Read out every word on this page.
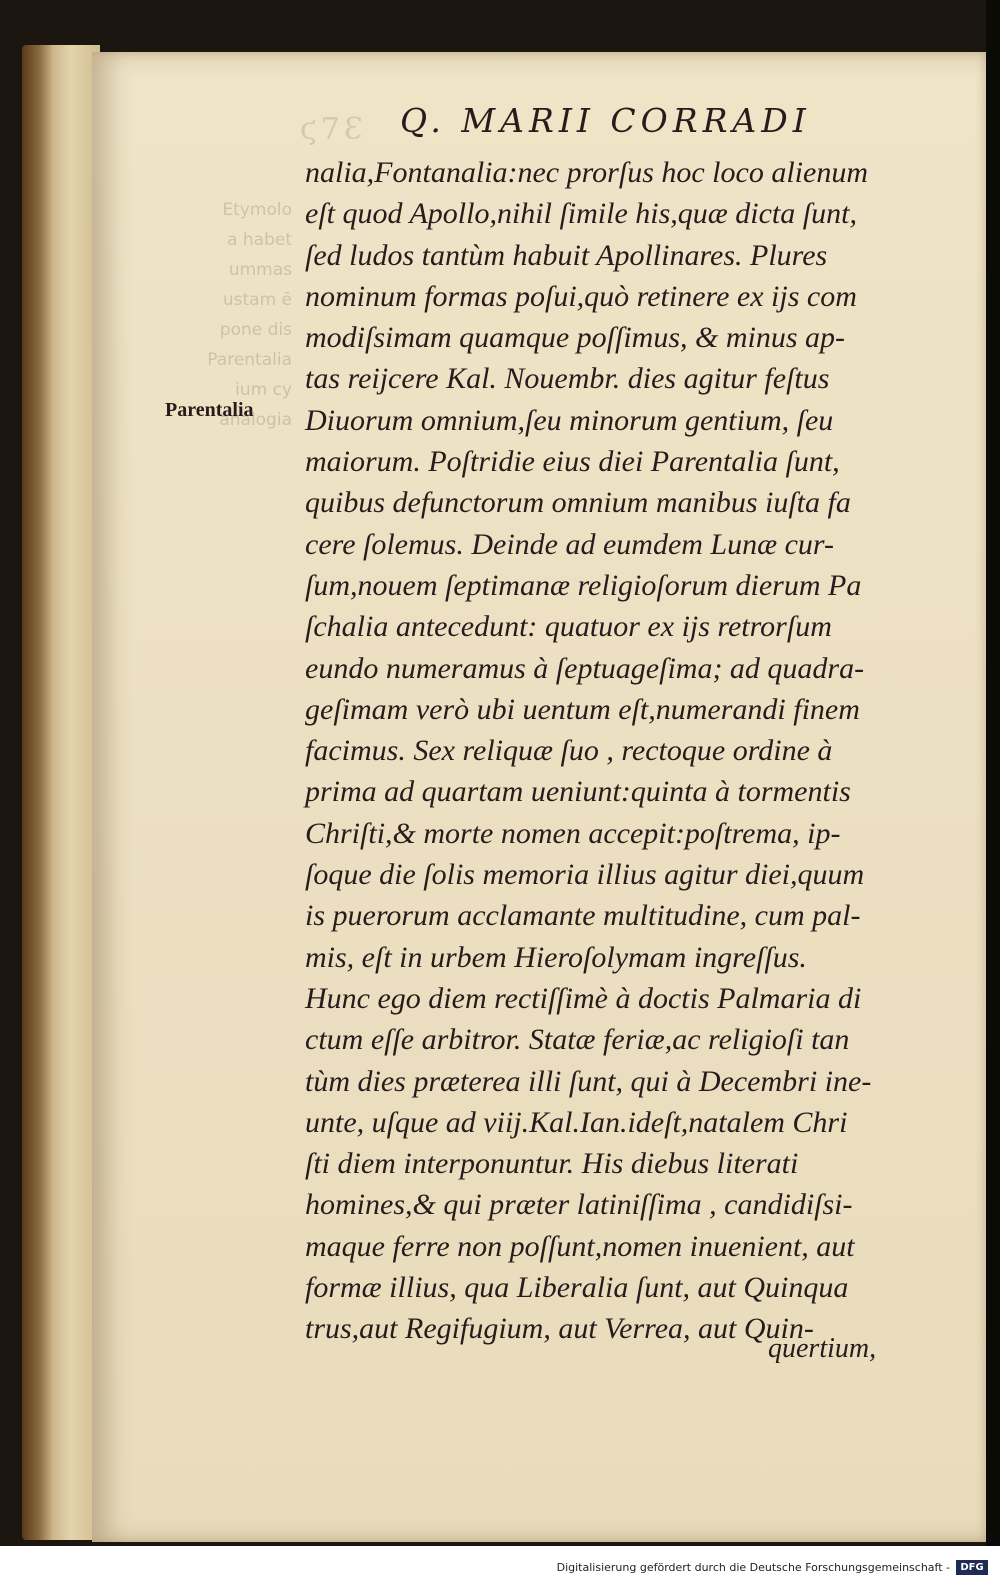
ϛ7Ɛ
Etymolo
a habet
ummas
ustam ē
pone dis
Parentalia
ium cy
analogia
Q. MARII CORRADI
Parentalia
nalia,Fontanalia:nec prorſus hoc loco alienum
eſt quod Apollo,nihil ſimile his,quæ dicta ſunt,
ſed ludos tantùm habuit Apollinares. Plures
nominum formas poſui,quò retinere ex ijs com
modiſsimam quamque poſſimus, & minus ap-
tas reijcere Kal. Nouembr. dies agitur feſtus
Diuorum omnium,ſeu minorum gentium, ſeu
maiorum. Poſtridie eius diei Parentalia ſunt,
quibus defunctorum omnium manibus iuſta fa
cere ſolemus. Deinde ad eumdem Lunæ cur-
ſum,nouem ſeptimanæ religioſorum dierum Pa
ſchalia antecedunt: quatuor ex ijs retrorſum
eundo numeramus à ſeptuageſima; ad quadra-
geſimam verò ubi uentum eſt,numerandi finem
facimus. Sex reliquæ ſuo , rectoque ordine à
prima ad quartam ueniunt:quinta à tormentis
Chriſti,& morte nomen accepit:poſtrema, ip-
ſoque die ſolis memoria illius agitur diei,quum
is puerorum acclamante multitudine, cum pal-
mis, eſt in urbem Hieroſolymam ingreſſus.
Hunc ego diem rectiſſimè à doctis Palmaria di
ctum eſſe arbitror. Statæ feriæ,ac religioſi tan
tùm dies præterea illi ſunt, qui à Decembri ine-
unte, uſque ad viij.Kal.Ian.ideſt,natalem Chri
ſti diem interponuntur. His diebus literati
homines,& qui præter latiniſſima , candidiſsi-
maque ferre non poſſunt,nomen inuenient, aut
formæ illius, qua Liberalia ſunt, aut Quinqua
trus,aut Regifugium, aut Verrea, aut Quin-
quertium,
Digitalisierung gefördert durch die Deutsche Forschungsgemeinschaft -	DFG
